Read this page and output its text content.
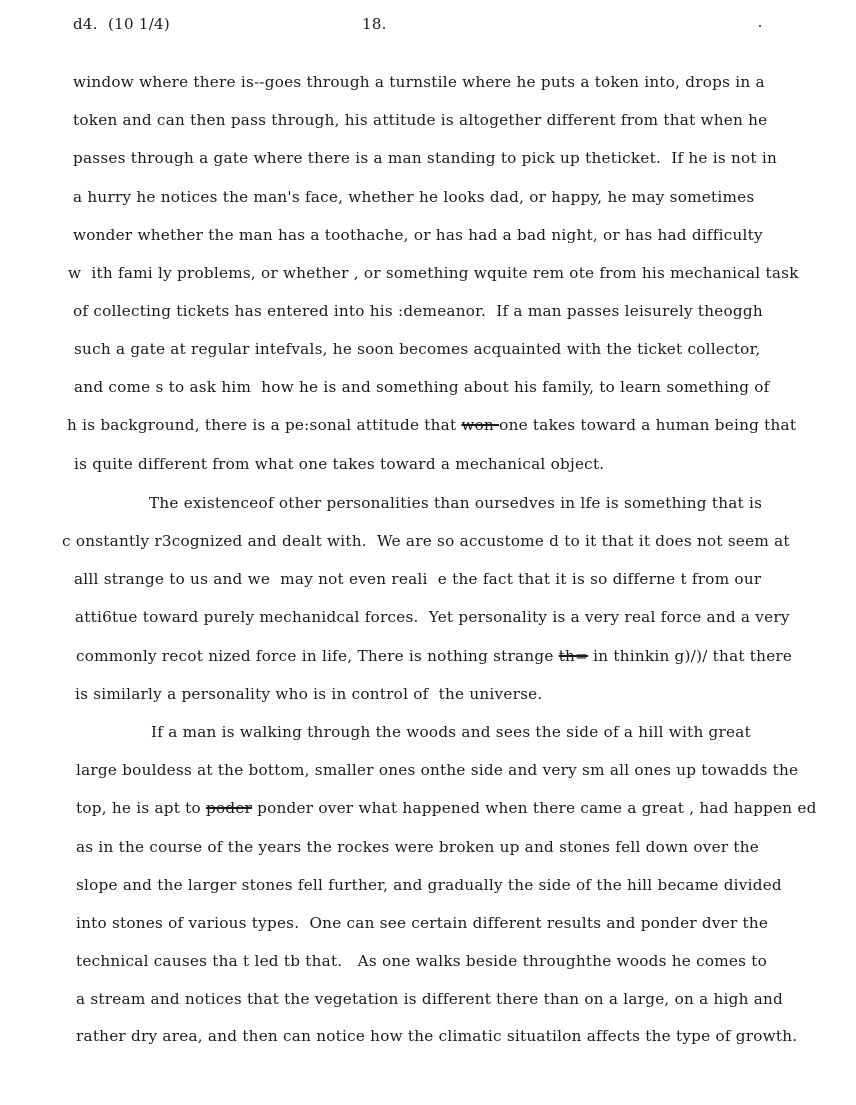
d4.  (10 1/4)	18.
window where there is--goes through a turnstile where he puts a token into, drops in a
token and can then pass through, his attitude is altogether different from that when he
passes through a gate where there is a man standing to pick up theticket.  If he is not in
a hurry he notices the man's face, whether he looks dad, or happy, he may sometimes
wonder whether the man has a toothache, or has had a bad night, or has had difficulty
w  ith fami ly problems, or whether , or something wquite rem ote from his mechanical task
of collecting tickets has entered into his :demeanor.  If a man passes leisurely theoggh
such a gate at regular intefvals, he soon becomes acquainted with the ticket collector,
and come s to ask him  how he is and something about his family, to learn something of
h is background, there is a pe:sonal attitude that won one takes toward a human being that
is quite different from what one takes toward a mechanical object.
The existenceof other personalities than oursedves in lfe is something that is
c onstantly r3cognized and dealt with.  We are so accustome d to it that it does not seem at
alll strange to us and we  may not even reali  e the fact that it is so differne t from our
atti6tue toward purely mechanidcal forces.  Yet personality is a very real force and a very
commonly recot nized force in life, There is nothing strange th= in thinkin g)/)/ that there
is similarly a personality who is in control of  the universe.
If a man is walking through the woods and sees the side of a hill with great
large bouldess at the bottom, smaller ones onthe side and very sm all ones up towadds the
top, he is apt to poder ponder over what happened when there came a great , had happen ed
as in the course of the years the rockes were broken up and stones fell down over the
slope and the larger stones fell further, and gradually the side of the hill became divided
into stones of various types.  One can see certain different results and ponder dver the
technical causes tha t led tb that.   As one walks beside throughthe woods he comes to
a stream and notices that the vegetation is different there than on a large, on a high and
rather dry area, and then can notice how the climatic situatilon affects the type of growth.
